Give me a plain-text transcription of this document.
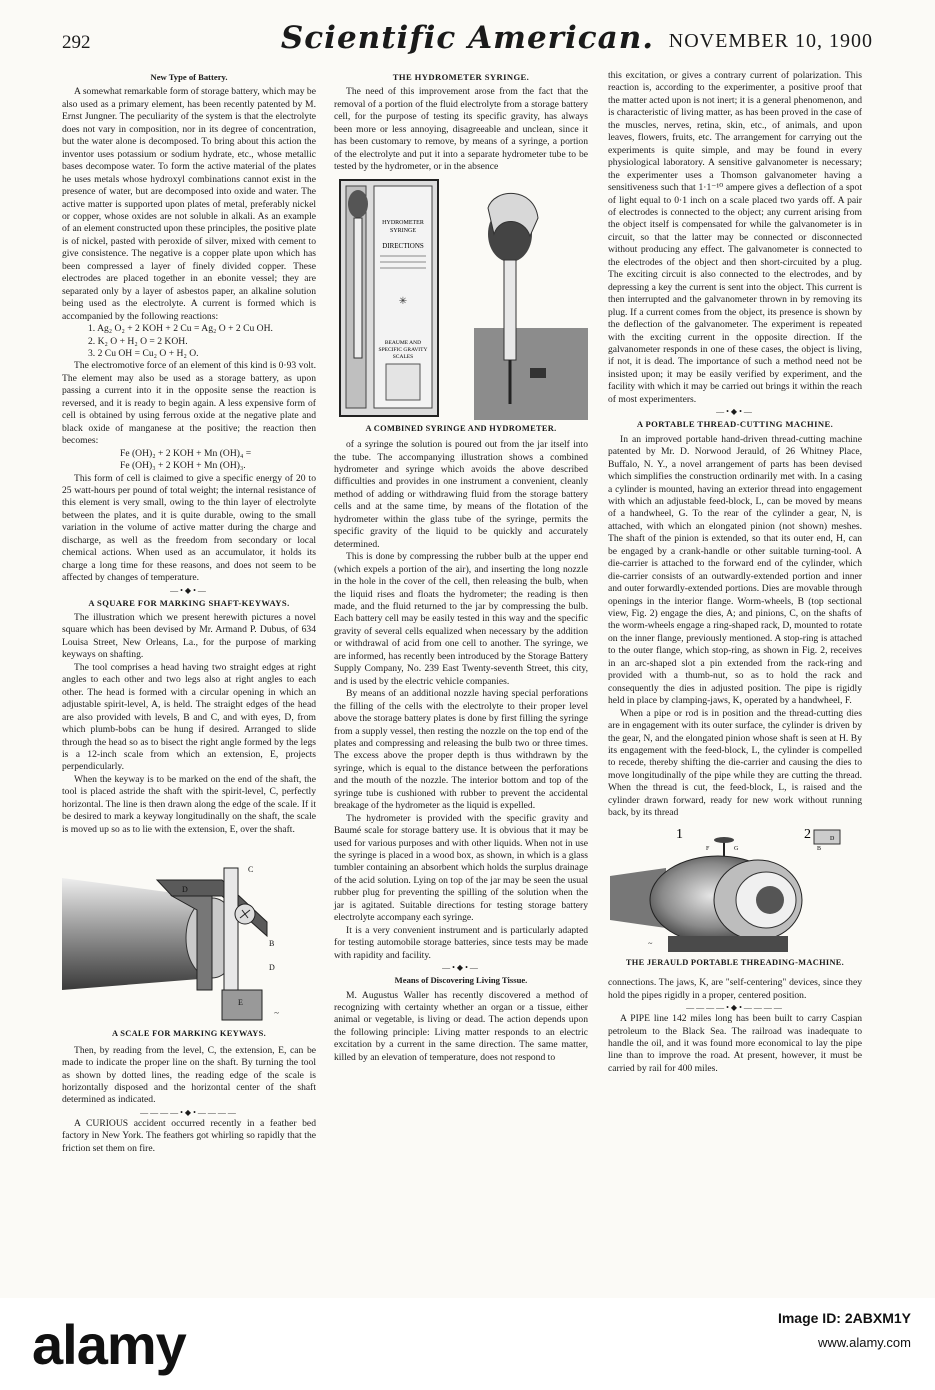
292	Scientific American. NOVEMBER 10, 1900
New Type of Battery.

A somewhat remarkable form of storage battery, which may be also used as a primary element, has been recently patented by M. Ernst Jungner. The peculiarity of the system is that the electrolyte does not vary in composition, nor in its degree of concentration, but the water alone is decomposed. To bring about this action the inventor uses potassium or sodium hydrate, etc., whose metallic bases decompose water. To form the active material of the plates he uses metals whose hydroxyl combinations cannot exist in the presence of water, but are decomposed into oxide and water. The active matter is supported upon plates of metal, preferably nickel or copper, whose oxides are not soluble in alkali. As an example of an element constructed upon these principles, the positive plate is of nickel, pasted with peroxide of silver, mixed with cement to give consistence. The negative is a copper plate upon which has been compressed a layer of finely divided copper. These electrodes are placed together in an ebonite vessel; they are separated only by a layer of asbestos paper, an alkaline solution being used as the electrolyte. A current is formed which is accompanied by the following reactions:

1. Ag₂ O₂ + 2 KOH + 2 Cu = Ag₂ O + 2 Cu OH.

2. K₂ O + H₂ O = 2 KOH.

3. 2 Cu OH = Cu₂ O + H₂ O.

The electromotive force of an element of this kind is 0·93 volt. The element may also be used as a storage battery, as upon passing a current into it in the opposite sense the reaction is reversed, and it is ready to begin again. A less expensive form of cell is obtained by using ferrous oxide at the negative plate and black oxide of manganese at the positive; the reaction then becomes:

Fe (OH)₂ + 2 KOH + Mn (OH)₄ =

Fe (OH)₃ + 2 KOH + Mn (OH)₃.

This form of cell is claimed to give a specific energy of 20 to 25 watt-hours per pound of total weight; the internal resistance of this element is very small, owing to the thin layer of electrolyte between the plates, and it is quite durable, owing to the small variation in the volume of active matter during the charge and discharge, as well as the freedom from secondary or local chemical actions. When used as an accumulator, it holds its charge a long time for these reasons, and does not seem to be affected by changes of temperature.

—•◆•—
A SQUARE FOR MARKING SHAFT-KEYWAYS.

The illustration which we present herewith pictures a novel square which has been devised by Mr. Armand P. Dubus, of 634 Louisa Street, New Orleans, La., for the purpose of marking keyways on shafting.

The tool comprises a head having two straight edges at right angles to each other and two legs also at right angles to each other. The head is formed with a circular opening in which an adjustable spirit-level, A, is held. The straight edges of the head are also provided with levels, B and C, and with eyes, D, from which plumb-bobs can be hung if desired. Arranged to slide through the head so as to bisect the right angle formed by the legs is a 12-inch scale from which an extension, E, projects perpendicularly.

When the keyway is to be marked on the end of the shaft, the tool is placed astride the shaft with the spirit-level, C, perfectly horizontal. The line is then drawn along the edge of the scale. If it be desired to mark a keyway longitudinally on the shaft, the scale is moved up so as to lie with the extension, E, over the shaft.

C
B
D
E
D
~
A SCALE FOR MARKING KEYWAYS.

Then, by reading from the level, C, the extension, E, can be made to indicate the proper line on the shaft. By turning the tool as shown by dotted lines, the reading edge of the scale is horizontally disposed and the horizontal center of the shaft determined as indicated.

————•◆•————

A CURIOUS accident occurred recently in a feather bed factory in New York. The feathers got whirling so rapidly that the friction set them on fire.

THE HYDROMETER SYRINGE.

The need of this improvement arose from the fact that the removal of a portion of the fluid electrolyte from a storage battery cell, for the purpose of testing its specific gravity, has always been more or less annoying, disagreeable and unclean, since it has been customary to remove, by means of a syringe, a portion of the electrolyte and put it into a separate hydrometer tube to be tested by the hydrometer, or in the absence

HYDROMETER
SYRINGE
DIRECTIONS
✳
BEAUME AND
SPECIFIC GRAVITY
SCALES
A COMBINED SYRINGE AND HYDROMETER.

of a syringe the solution is poured out from the jar itself into the tube. The accompanying illustration shows a combined hydrometer and syringe which avoids the above described difficulties and provides in one instrument a convenient, cleanly method of adding or withdrawing fluid from the storage battery cells and at the same time, by means of the flotation of the hydrometer within the glass tube of the syringe, permits the specific gravity of the liquid to be quickly and accurately determined.

This is done by compressing the rubber bulb at the upper end (which expels a portion of the air), and inserting the long nozzle in the hole in the cover of the cell, then releasing the bulb, when the liquid rises and floats the hydrometer; the reading is then made, and the fluid returned to the jar by compressing the bulb. Each battery cell may be easily tested in this way and the specific gravity of several cells equalized when necessary by the addition or withdrawal of acid from one cell to another. The syringe, we are informed, has recently been introduced by the Storage Battery Supply Company, No. 239 East Twenty-seventh Street, this city, and is used by the electric vehicle companies.

By means of an additional nozzle having special perforations the filling of the cells with the electrolyte to their proper level above the storage battery plates is done by first filling the syringe from a supply vessel, then resting the nozzle on the top end of the plates and compressing and releasing the bulb two or three times. The excess above the proper depth is thus withdrawn by the syringe, which is equal to the distance between the perforations and the mouth of the nozzle. The interior bottom and top of the syringe tube is cushioned with rubber to prevent the accidental breakage of the hydrometer as the liquid is expelled.

The hydrometer is provided with the specific gravity and Baumé scale for storage battery use. It is obvious that it may be used for various purposes and with other liquids. When not in use the syringe is placed in a wood box, as shown, in which is a glass tumbler containing an absorbent which holds the surplus drainage of the acid solution. Lying on top of the jar may be seen the usual rubber plug for preventing the spilling of the solution when the jar is agitated. Suitable directions for testing storage battery electrolyte accompany each syringe.

It is a very convenient instrument and is particularly adapted for testing automobile storage batteries, since tests may be made with rapidity and facility.

—•◆•—
Means of Discovering Living Tissue.

M. Augustus Waller has recently discovered a method of recognizing with certainty whether an organ or a tissue, either animal or vegetable, is living or dead. The action depends upon the following principle: Living matter responds to an electric excitation by a current in the same direction. The same matter, killed by an elevation of temperature, does not respond to

this excitation, or gives a contrary current of polarization. This reaction is, according to the experimenter, a positive proof that the matter acted upon is not inert; it is a general phenomenon, and is characteristic of living matter, as has been proved in the case of the muscles, nerves, retina, skin, etc., of animals, and upon leaves, flowers, fruits, etc. The arrangement for carrying out the experiments is quite simple, and may be found in every physiological laboratory. A sensitive galvanometer is necessary; the experimenter uses a Thomson galvanometer having a sensitiveness such that 1·1⁻¹⁰ ampere gives a deflection of a spot of light equal to 0·1 inch on a scale placed two yards off. A pair of electrodes is connected to the object; any current arising from the object itself is compensated for while the galvanometer is in circuit, so that the latter may be connected or disconnected without producing any effect. The galvanometer is connected to the electrodes of the object and then short-circuited by a plug. The exciting circuit is also connected to the electrodes, and by depressing a key the current is sent into the object. This current is then interrupted and the galvanometer thrown in by removing its plug. If a current comes from the object, its presence is shown by the deflection of the galvanometer. The experiment is repeated with the exciting current in the opposite direction. If the galvanometer responds in one of these cases, the object is living, if not, it is dead. The importance of such a method need not be insisted upon; it may be easily verified by experiment, and the facility with which it may be carried out brings it within the reach of most experimenters.

—•◆•—
A PORTABLE THREAD-CUTTING MACHINE.

In an improved portable hand-driven thread-cutting machine patented by Mr. D. Norwood Jerauld, of 26 Whitney Place, Buffalo, N. Y., a novel arrangement of parts has been devised which simplifies the construction ordinarily met with. In a casing a cylinder is mounted, having an exterior thread into engagement with which an adjustable feed-block, L, can be moved by means of a handwheel, G. To the rear of the cylinder a gear, N, is attached, with which an elongated pinion (not shown) meshes. The shaft of the pinion is extended, so that its outer end, H, can be engaged by a crank-handle or other suitable turning-tool. A die-carrier is attached to the forward end of the cylinder, which die-carrier consists of an outwardly-extended portion and inner and outer forwardly-extended portions. Dies are movable through openings in the interior flange. Worm-wheels, B (top sectional view, Fig. 2) engage the dies, A; and pinions, C, on the shafts of the worm-wheels engage a ring-shaped rack, D, mounted to rotate on the inner flange, previously mentioned. A stop-ring is attached to the outer flange, which stop-ring, as shown in Fig. 2, receives in an arc-shaped slot a pin extended from the rack-ring and provided with a thumb-nut, so as to hold the rack and consequently the dies in adjusted position. The pipe is rigidly held in place by clamping-jaws, K, operated by a handwheel, F.

When a pipe or rod is in position and the thread-cutting dies are in engagement with its outer surface, the cylinder is driven by the gear, N, and the elongated pinion whose shaft is seen at H. By its engagement with the feed-block, L, the cylinder is compelled to recede, thereby shifting the die-carrier and causing the dies to move longitudinally of the pipe while they are cutting the thread. When the thread is cut, the feed-block, L, is raised and the cylinder drawn forward, ready for new work without running back, by its thread

1	2
B
D
F	G
~
THE JERAULD PORTABLE THREADING-MACHINE.

connections. The jaws, K, are "self-centering" devices, since they hold the pipes rigidly in a proper, centered position.

————•◆•————

A PIPE line 142 miles long has been built to carry Caspian petroleum to the Black Sea. The railroad was inadequate to handle the oil, and it was found more economical to lay the pipe line than to improve the road. At present, however, it must be carried by rail for 400 miles.

alamy	Image ID: 2ABXM1Y
www.alamy.com
